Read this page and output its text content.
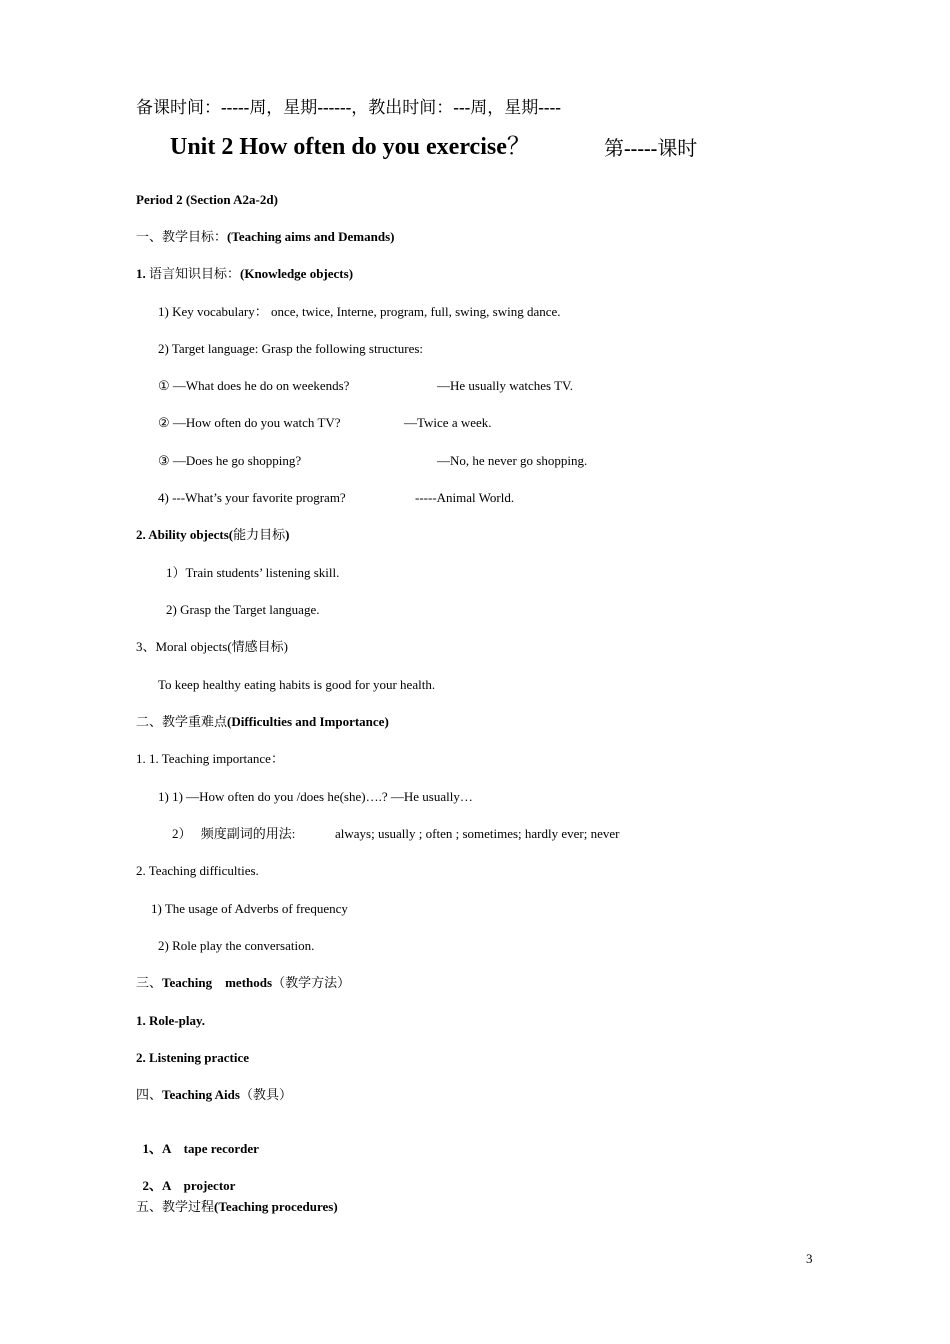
备课时间：-----周，星期------，教出时间：---周，星期----
Unit 2 How often do you exercise？	第-----课时
Period 2 (Section A2a-2d)
一、教学目标：(Teaching aims and Demands)
1. 语言知识目标：(Knowledge objects)
1) Key vocabulary： once, twice, Interne, program, full, swing, swing dance.
2) Target language: Grasp the following structures:
① —What does he do on weekends?	—He usually watches TV.
② —How often do you watch TV?	—Twice a week.
③ —Does he go shopping?	—No, he never go shopping.
4) ---What’s your favorite program?	-----Animal World.
2. Ability objects(能力目标)
1）Train students’ listening skill.
2) Grasp the Target language.
3、Moral objects(情感目标)
To keep healthy eating habits is good for your health.
二、教学重难点(Difficulties and Importance)
1. 1. Teaching importance：
1) 1) —How often do you /does he(she)….? —He usually…
2） 频度副词的用法:	always; usually ; often ; sometimes; hardly ever; never
2. Teaching difficulties.
1) The usage of Adverbs of frequency
2) Role play the conversation.
三、Teaching    methods（教学方法）
1. Role-play.
2. Listening practice
四、Teaching Aids（教具）

1、A    tape recorder

2、A    projector

五、教学过程(Teaching procedures)
3
